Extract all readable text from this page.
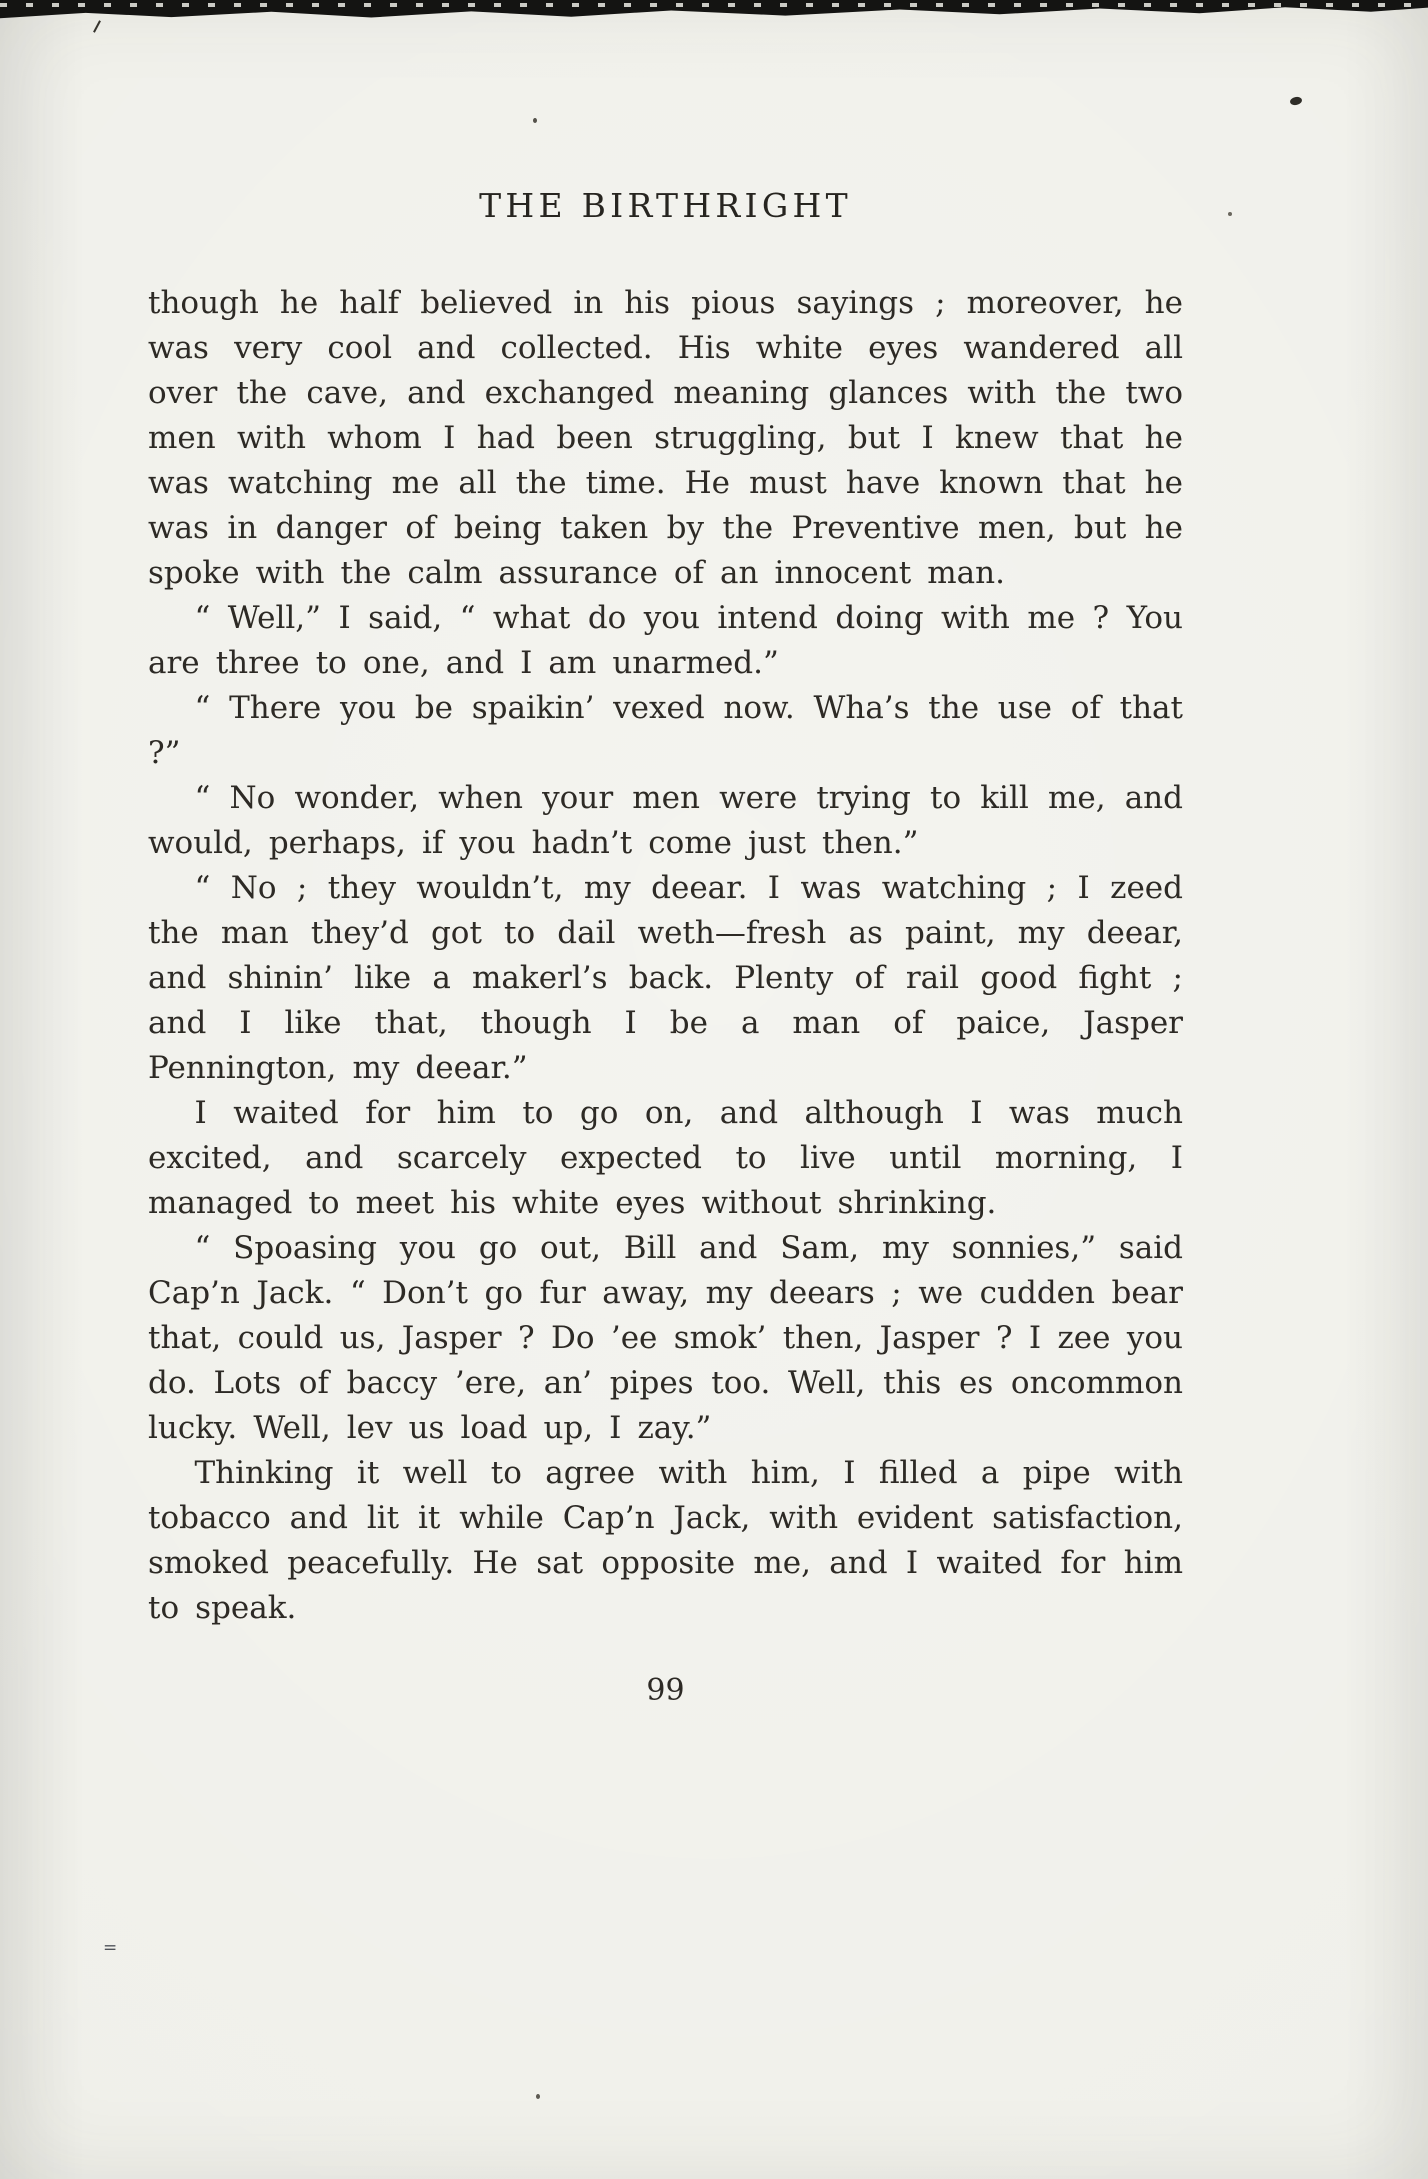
THE BIRTHRIGHT

though he half believed in his pious sayings ; moreover, he was very cool and collected. His white eyes wandered all over the cave, and exchanged meaning glances with the two men with whom I had been struggling, but I knew that he was watching me all the time. He must have known that he was in danger of being taken by the Preventive men, but he spoke with the calm assurance of an innocent man.

“ Well,” I said, “ what do you intend doing with me ? You are three to one, and I am unarmed.”

“ There you be spaikin’ vexed now. Wha’s the use of that ?”

“ No wonder, when your men were trying to kill me, and would, perhaps, if you hadn’t come just then.”

“ No ; they wouldn’t, my deear. I was watching ; I zeed the man they’d got to dail weth—fresh as paint, my deear, and shinin’ like a makerl’s back. Plenty of rail good fight ; and I like that, though I be a man of paice, Jasper Pennington, my deear.”

I waited for him to go on, and although I was much excited, and scarcely expected to live until morning, I managed to meet his white eyes without shrinking.

“ Spoasing you go out, Bill and Sam, my sonnies,” said Cap’n Jack. “ Don’t go fur away, my deears ; we cudden bear that, could us, Jasper ? Do ’ee smok’ then, Jasper ? I zee you do. Lots of baccy ’ere, an’ pipes too. Well, this es oncommon lucky. Well, lev us load up, I zay.”

Thinking it well to agree with him, I filled a pipe with tobacco and lit it while Cap’n Jack, with evident satisfaction, smoked peacefully. He sat opposite me, and I waited for him to speak.

99
=
